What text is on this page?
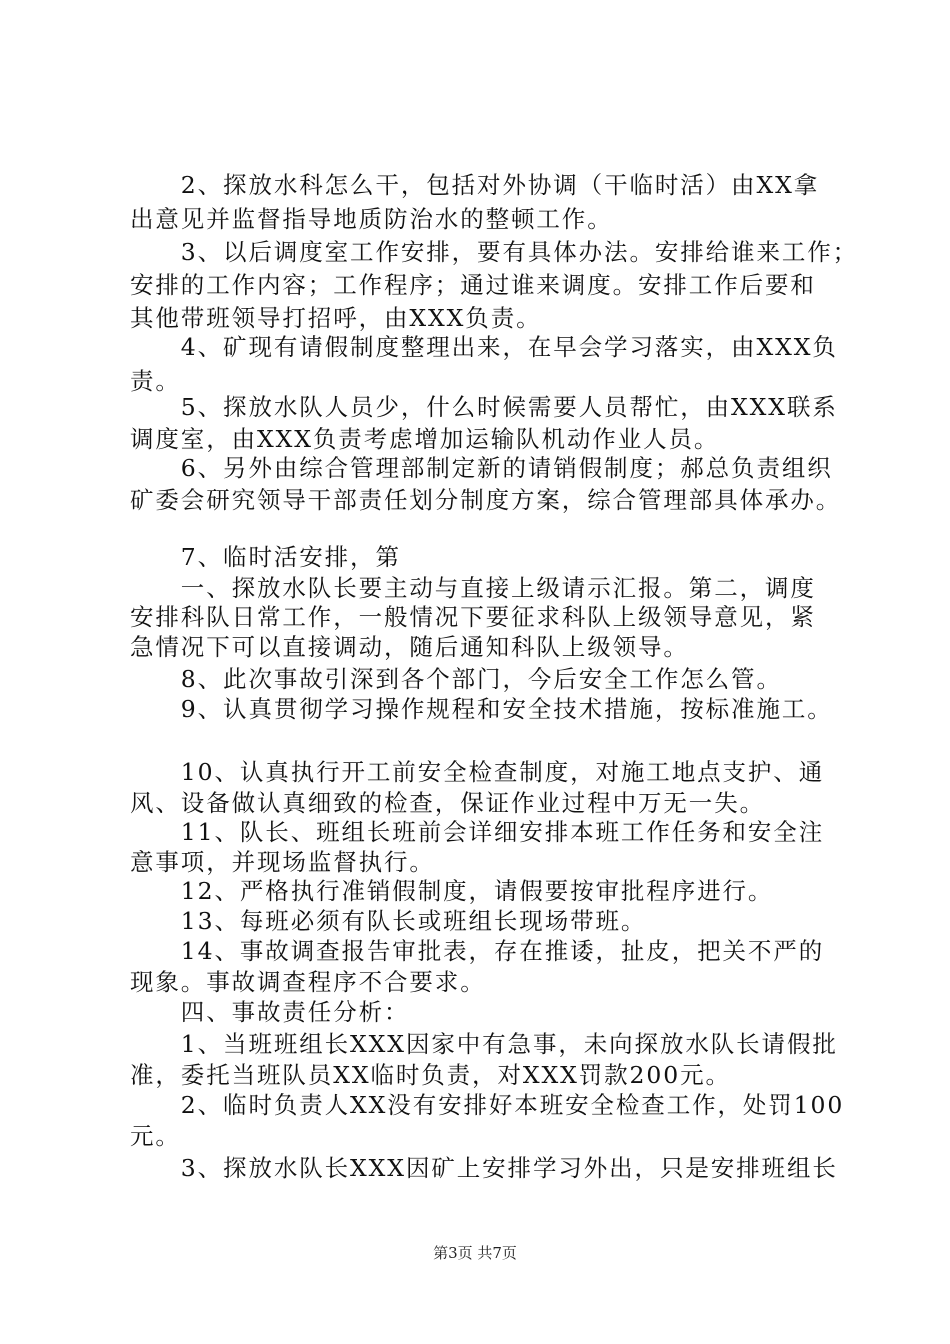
　　2、探放水科怎么干，包括对外协调（干临时活）由XX拿
出意见并监督指导地质防治水的整顿工作。
　　3、以后调度室工作安排，要有具体办法。安排给谁来工作；
安排的工作内容；工作程序；通过谁来调度。安排工作后要和
其他带班领导打招呼，由XXX负责。
　　4、矿现有请假制度整理出来，在早会学习落实，由XXX负
责。
　　5、探放水队人员少，什么时候需要人员帮忙，由XXX联系
调度室，由XXX负责考虑增加运输队机动作业人员。
　　6、另外由综合管理部制定新的请销假制度；郝总负责组织
矿委会研究领导干部责任划分制度方案，综合管理部具体承办。
　　7、临时活安排，第
　　一、探放水队长要主动与直接上级请示汇报。第二，调度
安排科队日常工作，一般情况下要征求科队上级领导意见，紧
急情况下可以直接调动，随后通知科队上级领导。
　　8、此次事故引深到各个部门，今后安全工作怎么管。
　　9、认真贯彻学习操作规程和安全技术措施，按标准施工。
　　10、认真执行开工前安全检查制度，对施工地点支护、通
风、设备做认真细致的检查，保证作业过程中万无一失。
　　11、队长、班组长班前会详细安排本班工作任务和安全注
意事项，并现场监督执行。
　　12、严格执行准销假制度，请假要按审批程序进行。
　　13、每班必须有队长或班组长现场带班。
　　14、事故调查报告审批表，存在推诿，扯皮，把关不严的
现象。事故调查程序不合要求。
　　四、事故责任分析：
　　1、当班班组长XXX因家中有急事，未向探放水队长请假批
准，委托当班队员XX临时负责，对XXX罚款200元。
　　2、临时负责人XX没有安排好本班安全检查工作，处罚100
元。
　　3、探放水队长XXX因矿上安排学习外出，只是安排班组长
第3页 共7页
